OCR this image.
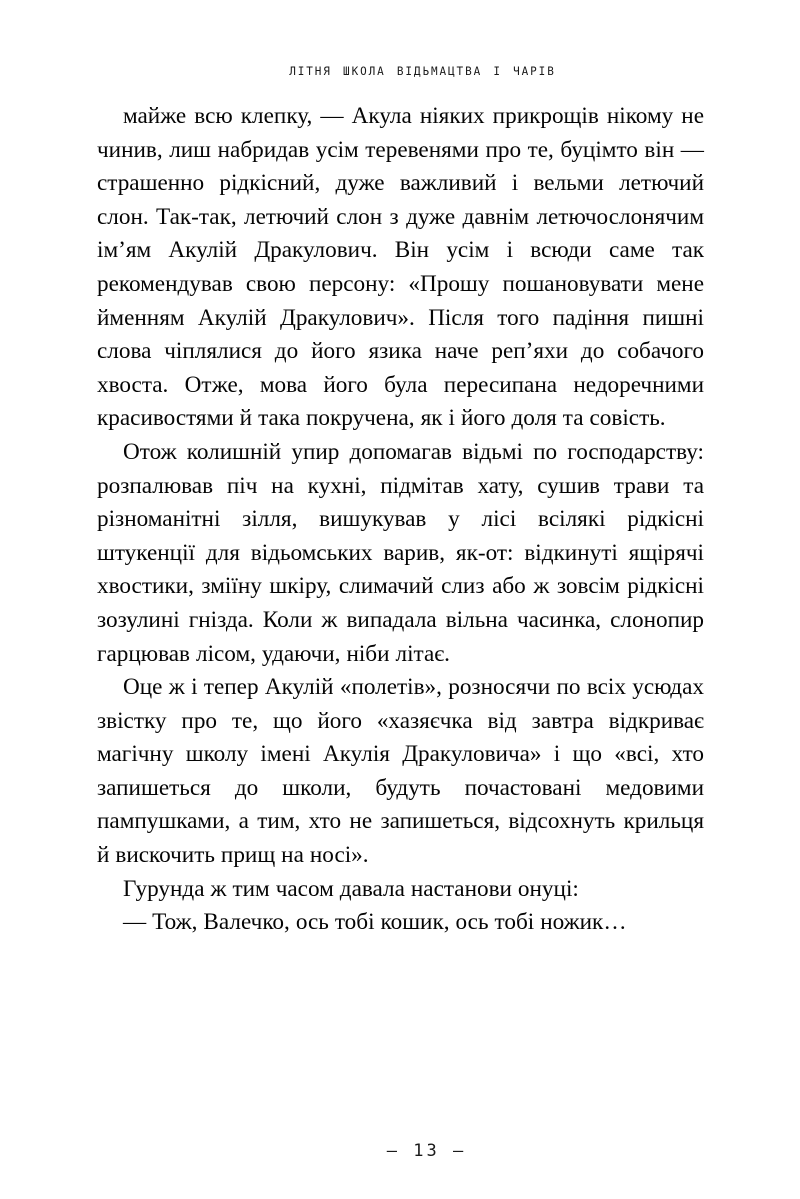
літня школа відьмацтва і чарів

майже всю клепку, — Акула ніяких прикрощів нікому не чинив, лиш набридав усім теревенями про те, буцімто він — страшенно рідкісний, дуже важливий і вельми летючий слон. Так-так, летючий слон з дуже давнім летючослонячим ім’ям Акулій Дракулович. Він усім і всюди саме так рекомендував свою персону: «Прошу пошановувати мене йменням Акулій Дракулович». Після того падіння пишні слова чіплялися до його язика наче реп’яхи до собачого хвоста. Отже, мова його була пересипана недоречними красивостями й така покручена, як і його доля та совість.

Отож колишній упир допомагав відьмі по господарству: розпалював піч на кухні, підмітав хату, сушив трави та різноманітні зілля, вишукував у лісі всілякі рідкісні штукенції для відьомських варив, як-от: відкинуті ящірячі хвостики, зміїну шкіру, слимачий слиз або ж зовсім рідкісні зозулині гнізда. Коли ж випадала вільна часинка, слонопир гарцював лісом, удаючи, ніби літає.

Оце ж і тепер Акулій «полетів», розносячи по всіх усюдах звістку про те, що його «хазяєчка від завтра відкриває магічну школу імені Акулія Дракуловича» і що «всі, хто запишеться до школи, будуть почастовані медовими пампушками, а тим, хто не запишеться, відсохнуть крильця й вискочить прищ на носі».

Гурунда ж тим часом давала настанови онуці:

— Тож, Валечко, ось тобі кошик, ось тобі ножик…

— 13 —
